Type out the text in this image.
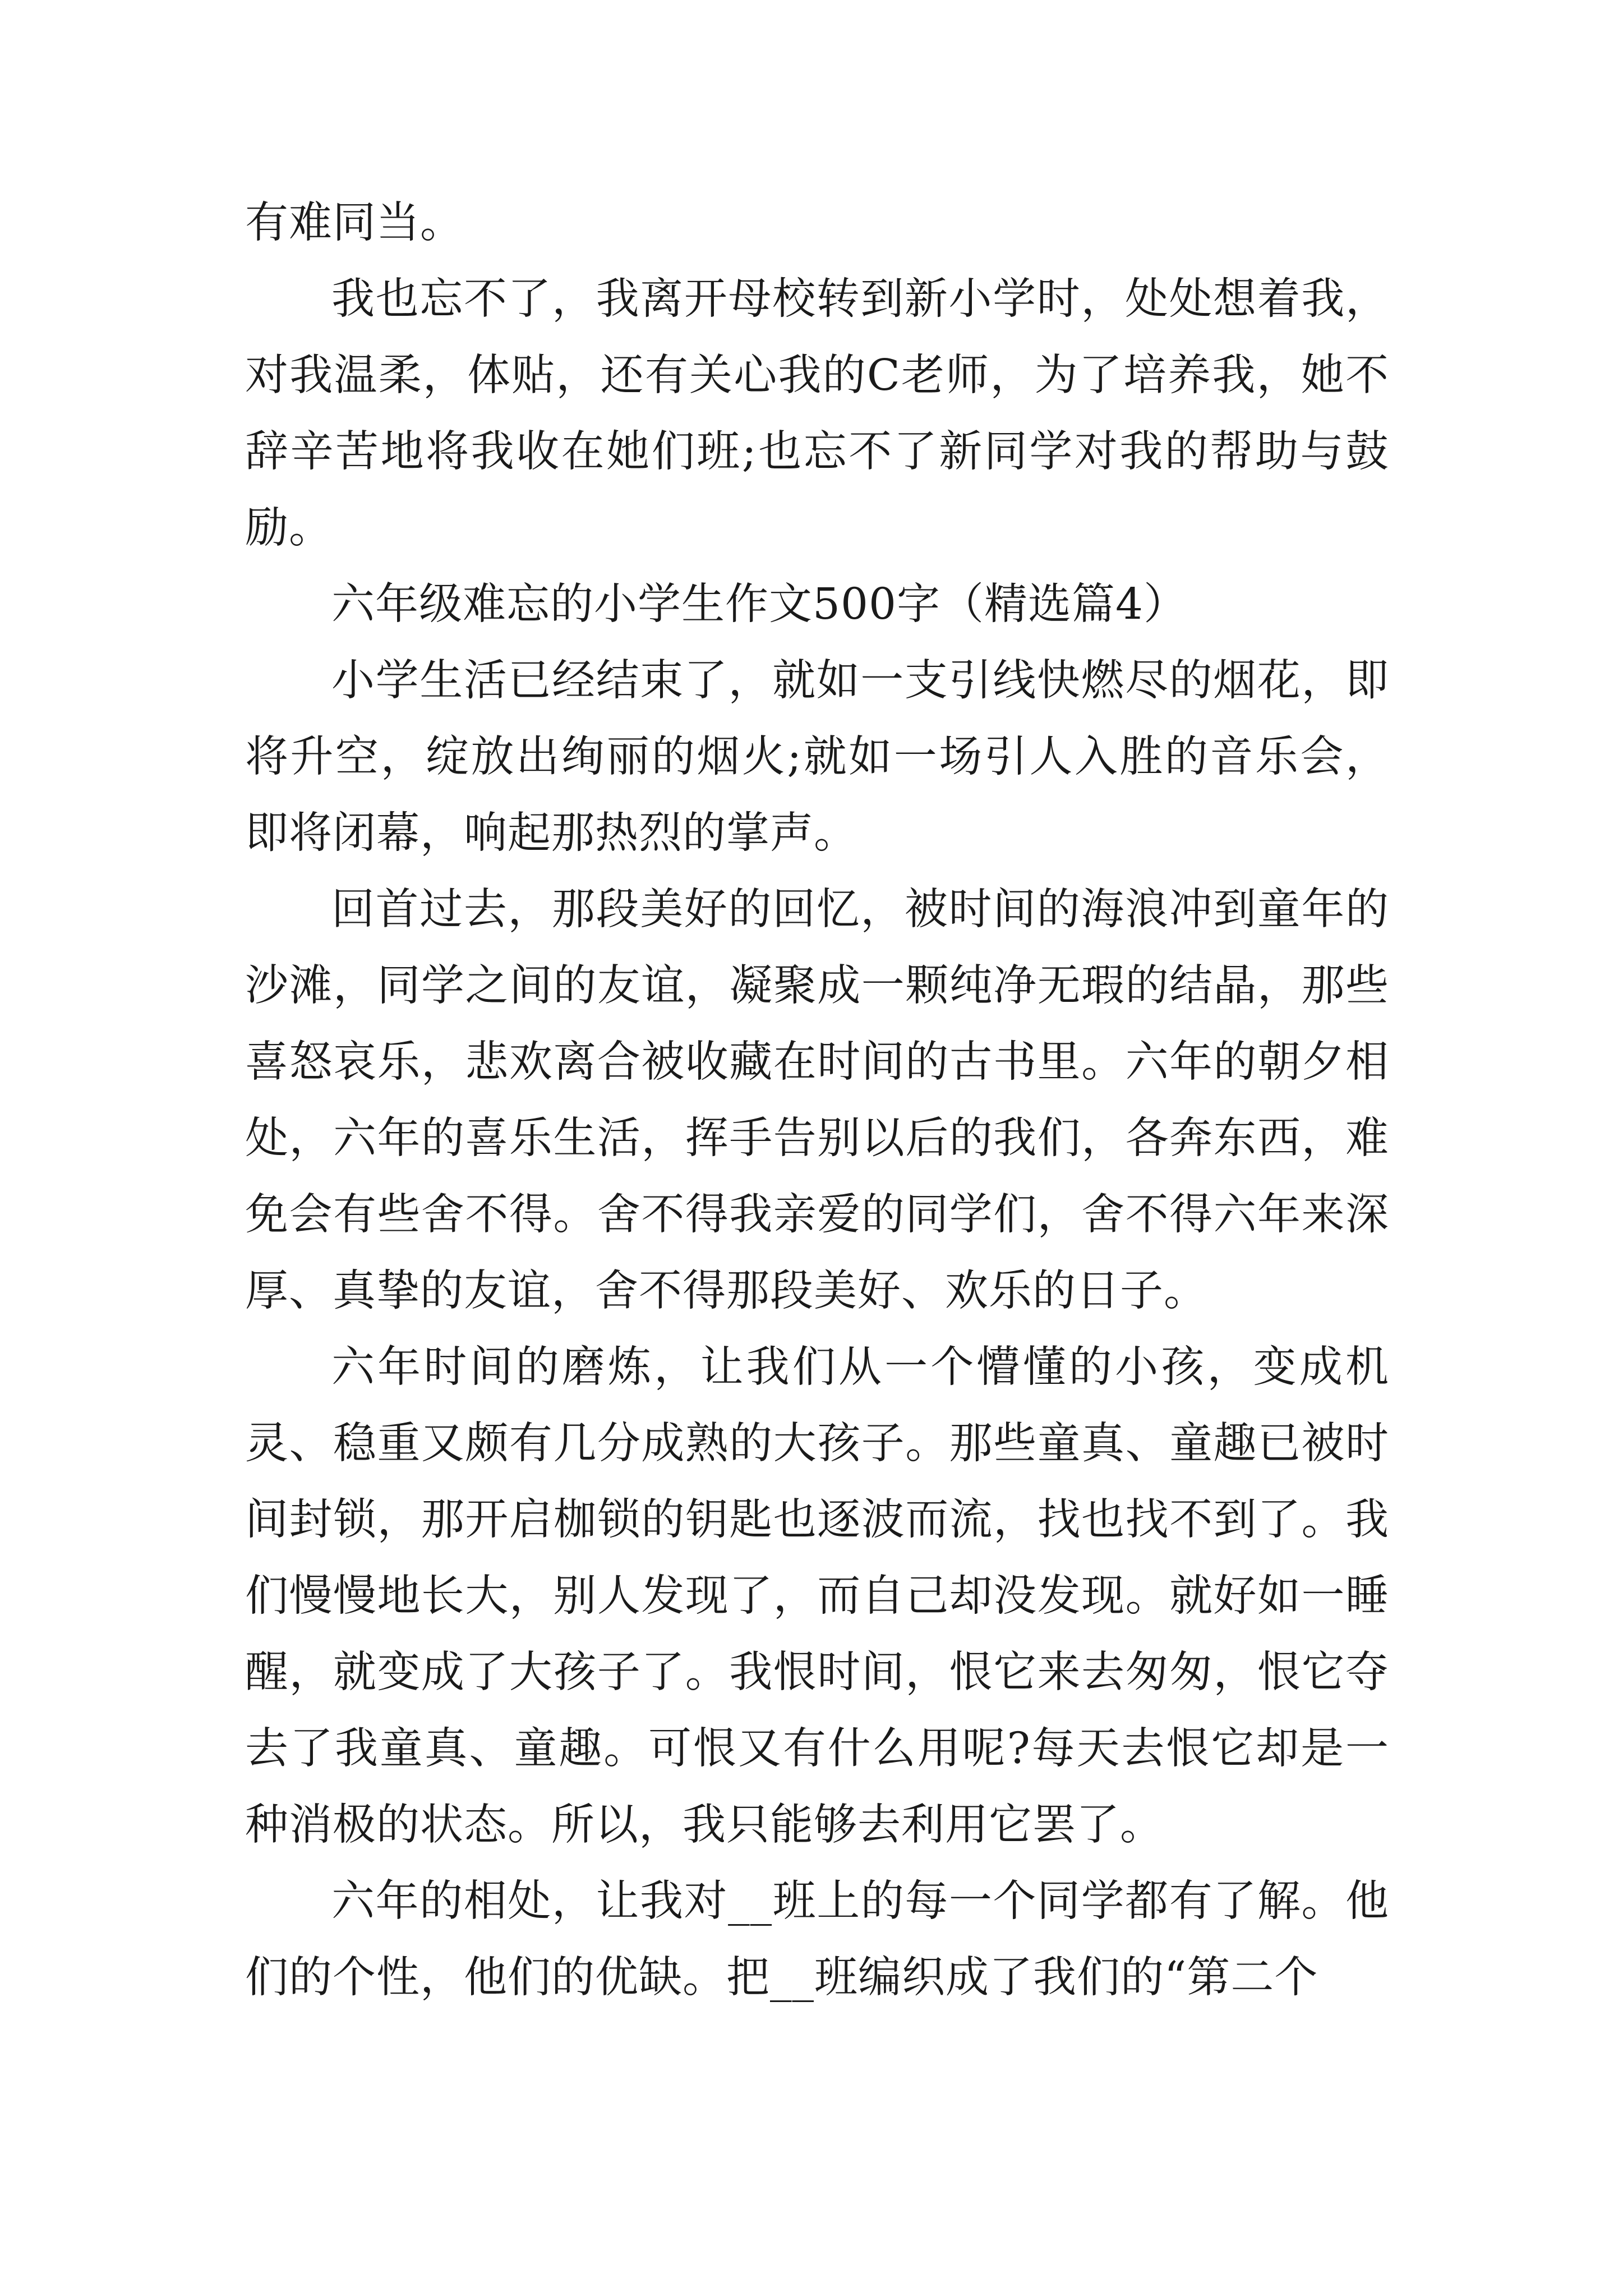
有难同当。

我也忘不了，我离开母校转到新小学时，处处想着我，对我温柔，体贴，还有关心我的C老师，为了培养我，她不辞辛苦地将我收在她们班;也忘不了新同学对我的帮助与鼓励。

六年级难忘的小学生作文500字（精选篇4）

小学生活已经结束了，就如一支引线快燃尽的烟花，即将升空，绽放出绚丽的烟火;就如一场引人入胜的音乐会，即将闭幕，响起那热烈的掌声。

回首过去，那段美好的回忆，被时间的海浪冲到童年的沙滩，同学之间的友谊，凝聚成一颗纯净无瑕的结晶，那些喜怒哀乐，悲欢离合被收藏在时间的古书里。六年的朝夕相处，六年的喜乐生活，挥手告别以后的我们，各奔东西，难免会有些舍不得。舍不得我亲爱的同学们，舍不得六年来深厚、真挚的友谊，舍不得那段美好、欢乐的日子。

六年时间的磨炼，让我们从一个懵懂的小孩，变成机灵、稳重又颇有几分成熟的大孩子。那些童真、童趣已被时间封锁，那开启枷锁的钥匙也逐波而流，找也找不到了。我们慢慢地长大，别人发现了，而自己却没发现。就好如一睡醒，就变成了大孩子了。我恨时间，恨它来去匆匆，恨它夺去了我童真、童趣。可恨又有什么用呢?每天去恨它却是一种消极的状态。所以，我只能够去利用它罢了。

六年的相处，让我对__班上的每一个同学都有了解。他们的个性，他们的优缺。把__班编织成了我们的“第二个
